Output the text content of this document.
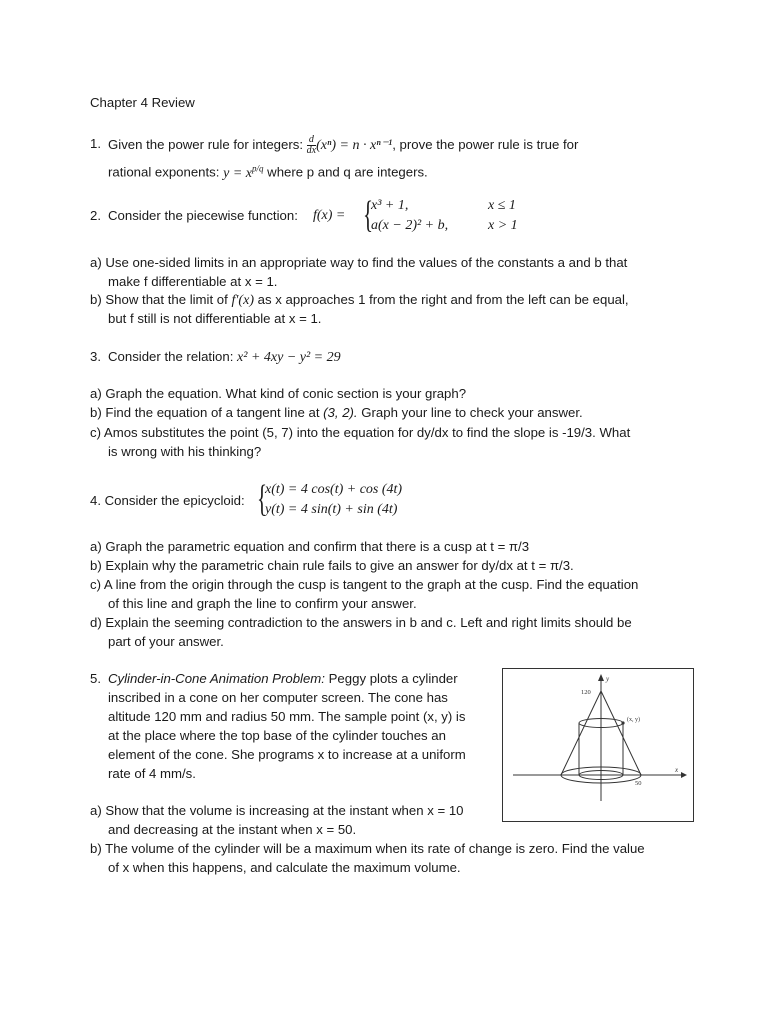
Chapter 4 Review
1. Given the power rule for integers: $\frac{d}{dx} (x^n) = n \cdot x^{n-1}$, prove the power rule is true for
rational exponents: $y = x^{p/q}$ where p and q are integers.
2. Consider the piecewise function: f(x) = {
x³ + 1,	x ≤ 1
a(x − 2)² + b,	x > 1
a) Use one-sided limits in an appropriate way to find the values of the constants a and b that
make f differentiable at x = 1.
b) Show that the limit of f′(x) as x approaches 1 from the right and from the left can be equal,
but f still is not differentiable at x = 1.
3. Consider the relation: x² + 4xy − y² = 29
a) Graph the equation. What kind of conic section is your graph?
b) Find the equation of a tangent line at (3, 2). Graph your line to check your answer.
c) Amos substitutes the point (5, 7) into the equation for dy/dx to find the slope is -19/3. What
is wrong with his thinking?
4. Consider the epicycloid: {
x(t) = 4 cos(t) + cos (4t)
y(t) = 4 sin(t) + sin (4t)
a) Graph the parametric equation and confirm that there is a cusp at t = π/3
b) Explain why the parametric chain rule fails to give an answer for dy/dx at t = π/3.
c) A line from the origin through the cusp is tangent to the graph at the cusp. Find the equation
of this line and graph the line to confirm your answer.
d) Explain the seeming contradiction to the answers in b and c. Left and right limits should be
part of your answer.
5. Cylinder-in-Cone Animation Problem: Peggy plots a cylinder
inscribed in a cone on her computer screen. The cone has
altitude 120 mm and radius 50 mm. The sample point (x, y) is
at the place where the top base of the cylinder touches an
element of the cone. She programs x to increase at a uniform
rate of 4 mm/s.
a) Show that the volume is increasing at the instant when x = 10
and decreasing at the instant when x = 50.
b) The volume of the cylinder will be a maximum when its rate of change is zero. Find the value
of x when this happens, and calculate the maximum volume.
y
x
(x, y)
120
50
